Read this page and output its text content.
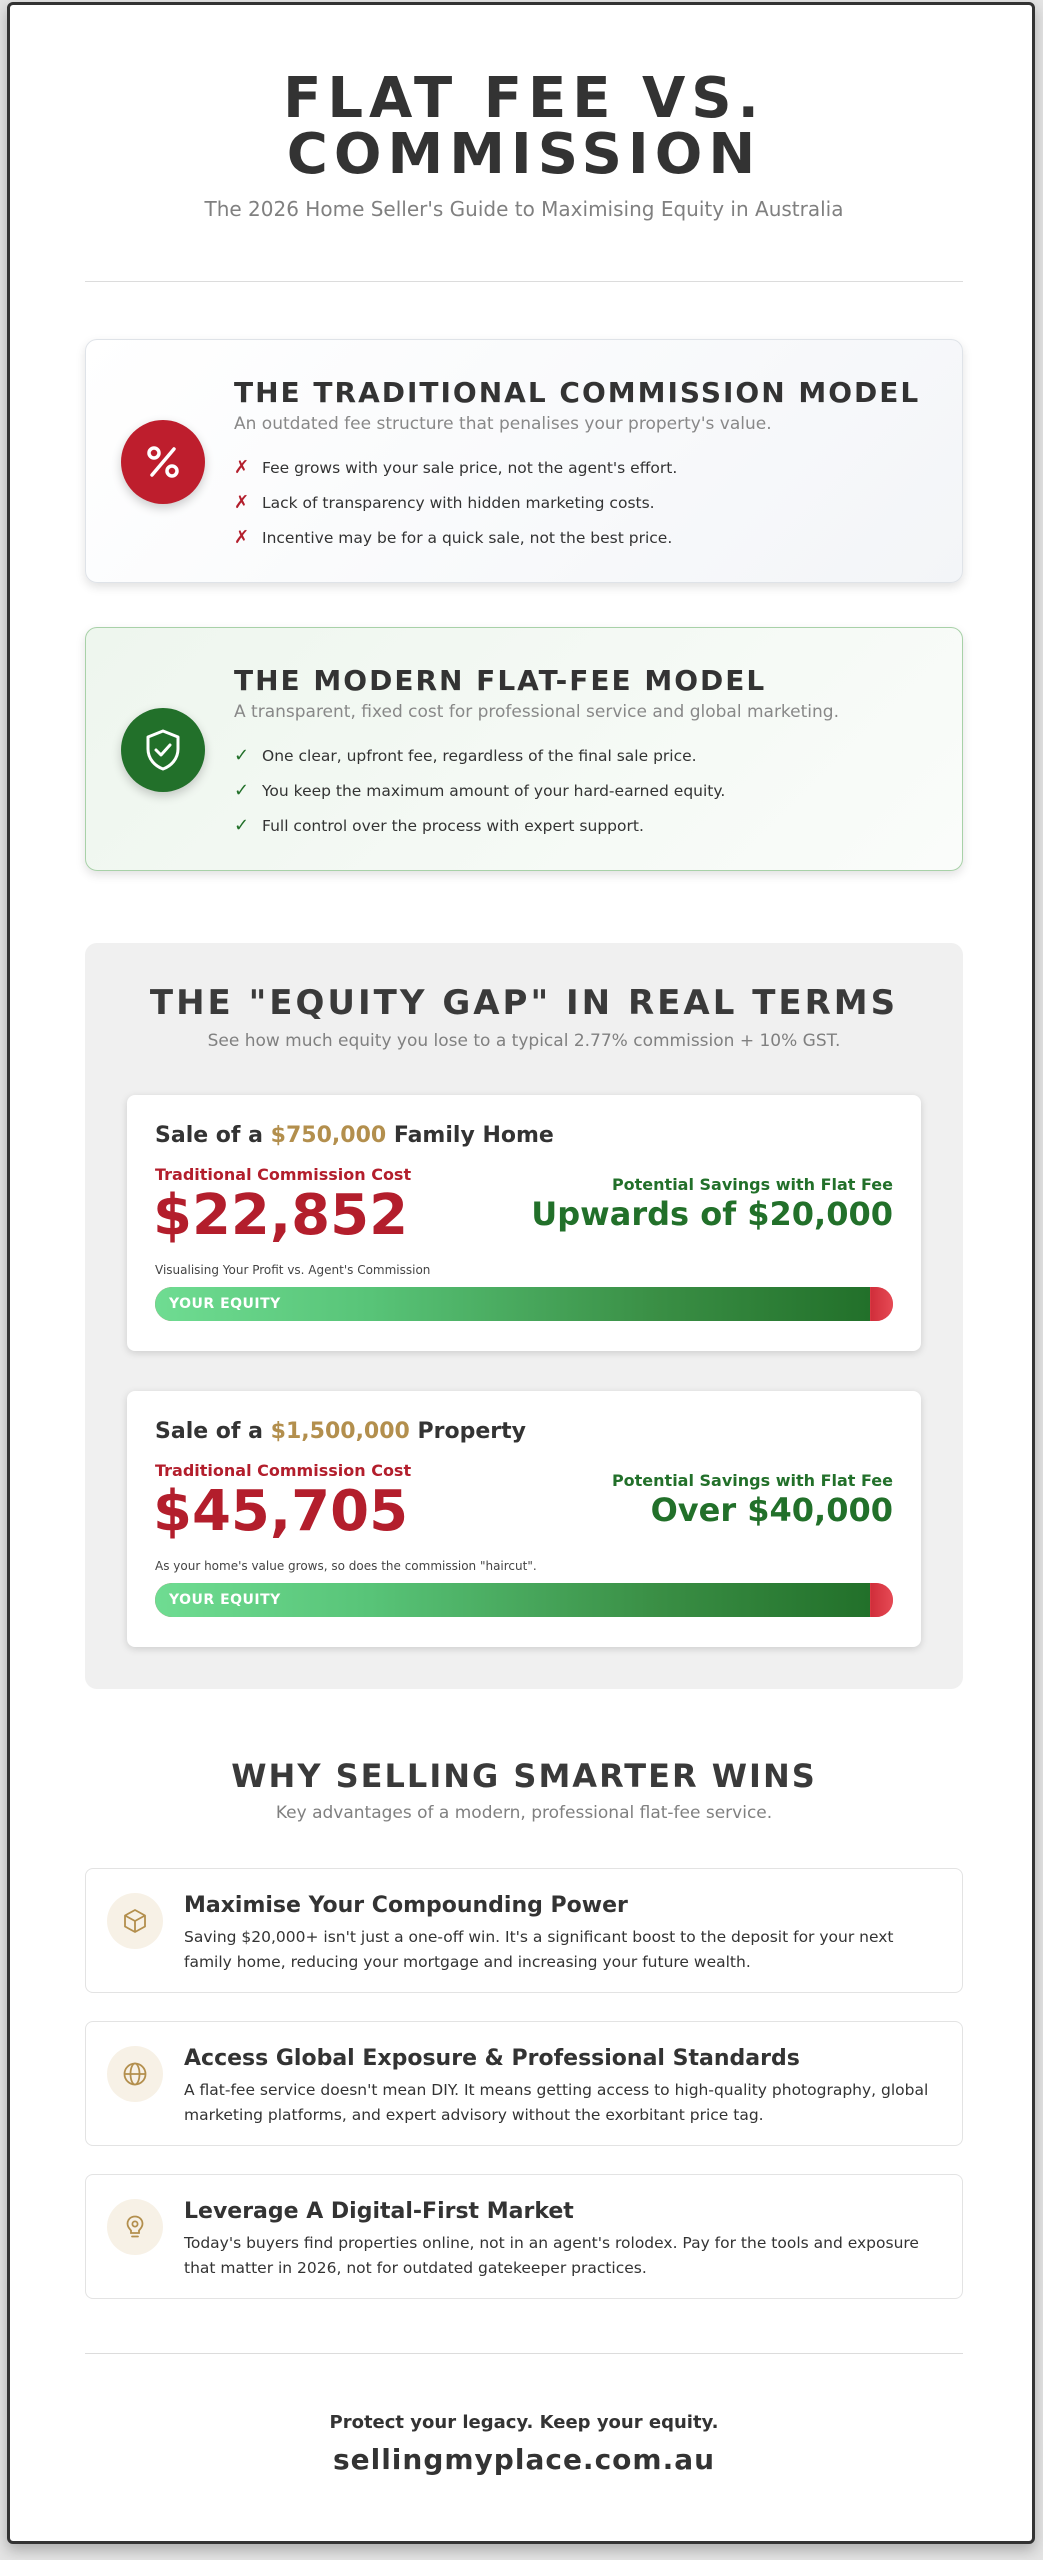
FLAT FEE VS.
COMMISSION
The 2026 Home Seller's Guide to Maximising Equity in Australia
THE TRADITIONAL COMMISSION MODEL
An outdated fee structure that penalises your property's value.
✗ Fee grows with your sale price, not the agent's effort.
✗ Lack of transparency with hidden marketing costs.
✗ Incentive may be for a quick sale, not the best price.
THE MODERN FLAT-FEE MODEL
A transparent, fixed cost for professional service and global marketing.
✓ One clear, upfront fee, regardless of the final sale price.
✓ You keep the maximum amount of your hard-earned equity.
✓ Full control over the process with expert support.
THE "EQUITY GAP" IN REAL TERMS
See how much equity you lose to a typical 2.77% commission + 10% GST.
Sale of a $750,000 Family Home
Traditional Commission Cost
$22,852	Potential Savings with Flat Fee
Upwards of $20,000
Visualising Your Profit vs. Agent's Commission
YOUR EQUITY
Sale of a $1,500,000 Property
Traditional Commission Cost
$45,705	Potential Savings with Flat Fee
Over $40,000
As your home's value grows, so does the commission "haircut".
YOUR EQUITY
WHY SELLING SMARTER WINS
Key advantages of a modern, professional flat-fee service.
Maximise Your Compounding Power
Saving $20,000+ isn't just a one-off win. It's a significant boost to the deposit for your next family home, reducing your mortgage and increasing your future wealth.
Access Global Exposure & Professional Standards
A flat-fee service doesn't mean DIY. It means getting access to high-quality photography, global marketing platforms, and expert advisory without the exorbitant price tag.
Leverage A Digital-First Market
Today's buyers find properties online, not in an agent's rolodex. Pay for the tools and exposure that matter in 2026, not for outdated gatekeeper practices.
Protect your legacy. Keep your equity.
sellingmyplace.com.au
